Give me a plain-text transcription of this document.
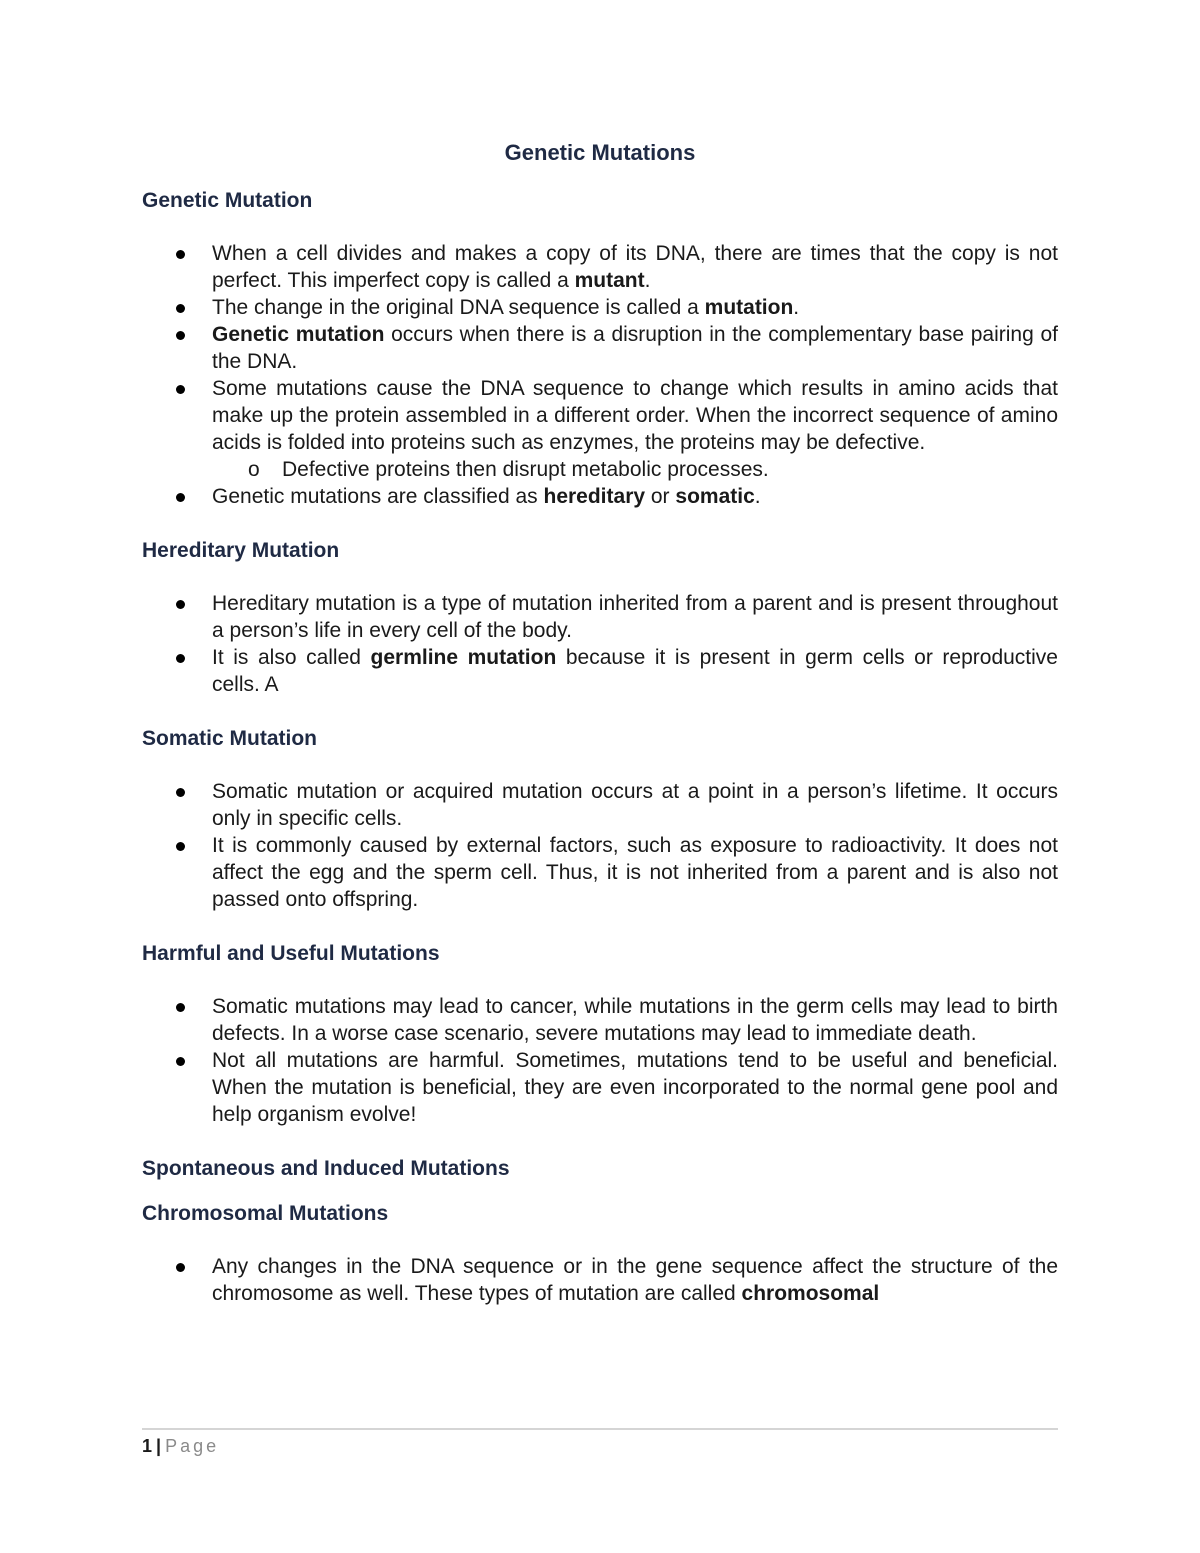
Genetic Mutations
Genetic Mutation
When a cell divides and makes a copy of its DNA, there are times that the copy is not perfect. This imperfect copy is called a mutant.
The change in the original DNA sequence is called a mutation.
Genetic mutation occurs when there is a disruption in the complementary base pairing of the DNA.
Some mutations cause the DNA sequence to change which results in amino acids that make up the protein assembled in a different order. When the incorrect sequence of amino acids is folded into proteins such as enzymes, the proteins may be defective.
o Defective proteins then disrupt metabolic processes.
Genetic mutations are classified as hereditary or somatic.
Hereditary Mutation
Hereditary mutation is a type of mutation inherited from a parent and is present throughout a person’s life in every cell of the body.
It is also called germline mutation because it is present in germ cells or reproductive cells. A
Somatic Mutation
Somatic mutation or acquired mutation occurs at a point in a person’s lifetime. It occurs only in specific cells.
It is commonly caused by external factors, such as exposure to radioactivity. It does not affect the egg and the sperm cell. Thus, it is not inherited from a parent and is also not passed onto offspring.
Harmful and Useful Mutations
Somatic mutations may lead to cancer, while mutations in the germ cells may lead to birth defects. In a worse case scenario, severe mutations may lead to immediate death.
Not all mutations are harmful. Sometimes, mutations tend to be useful and beneficial. When the mutation is beneficial, they are even incorporated to the normal gene pool and help organism evolve!
Spontaneous and Induced Mutations
Chromosomal Mutations
Any changes in the DNA sequence or in the gene sequence affect the structure of the chromosome as well. These types of mutation are called chromosomal
1 | Page
